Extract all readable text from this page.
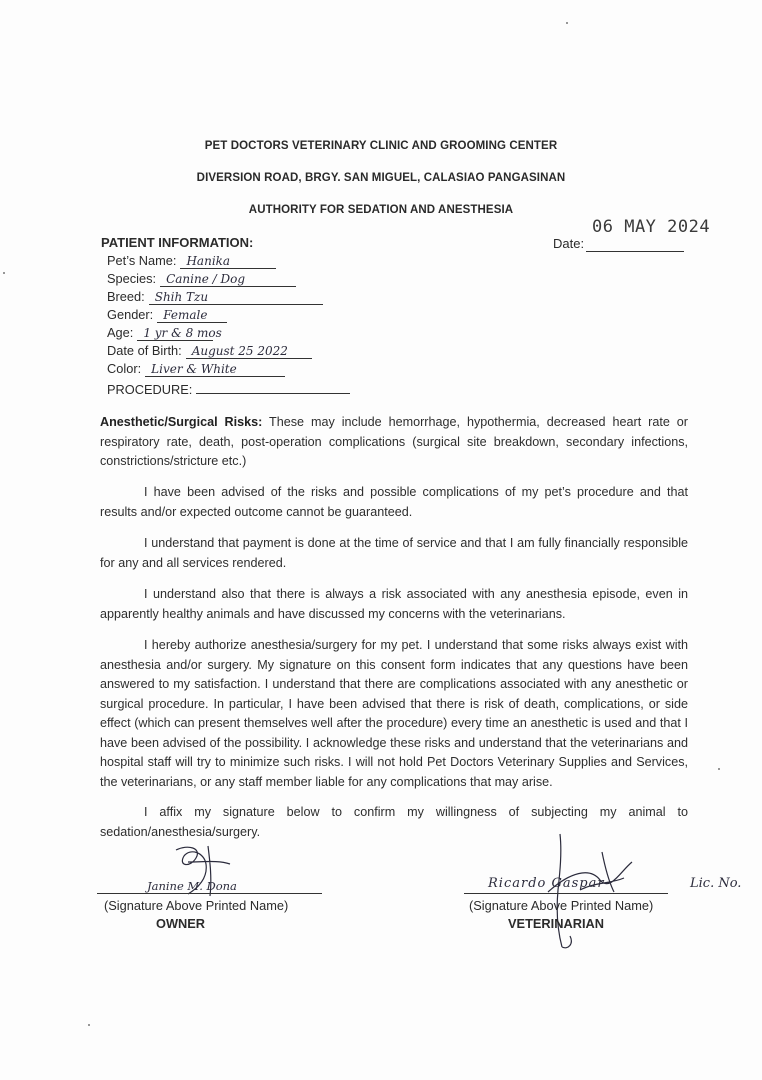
PET DOCTORS VETERINARY CLINIC AND GROOMING CENTER
DIVERSION ROAD, BRGY. SAN MIGUEL, CALASIAO PANGASINAN
AUTHORITY FOR SEDATION AND ANESTHESIA
06 MAY 2024
Date:
PATIENT INFORMATION:
Pet’s Name: Hanika
Species: Canine / Dog
Breed: Shih Tzu
Gender: Female
Age: 1 yr & 8 mos
Date of Birth: August 25 2022
Color: Liver & White
PROCEDURE:
Anesthetic/Surgical Risks: These may include hemorrhage, hypothermia, decreased heart rate or respiratory rate, death, post-operation complications (surgical site breakdown, secondary infections, constrictions/stricture etc.)
I have been advised of the risks and possible complications of my pet’s procedure and that results and/or expected outcome cannot be guaranteed.
I understand that payment is done at the time of service and that I am fully financially responsible for any and all services rendered.
I understand also that there is always a risk associated with any anesthesia episode, even in apparently healthy animals and have discussed my concerns with the veterinarians.
I hereby authorize anesthesia/surgery for my pet. I understand that some risks always exist with anesthesia and/or surgery. My signature on this consent form indicates that any questions have been answered to my satisfaction. I understand that there are complications associated with any anesthetic or surgical procedure. In particular, I have been advised that there is risk of death, complications, or side effect (which can present themselves well after the procedure) every time an anesthetic is used and that I have been advised of the possibility. I acknowledge these risks and understand that the veterinarians and hospital staff will try to minimize such risks. I will not hold Pet Doctors Veterinary Supplies and Services, the veterinarians, or any staff member liable for any complications that may arise.
I affix my signature below to confirm my willingness of subjecting my animal to sedation/anesthesia/surgery.
Janine M. Dona
(Signature Above Printed Name)
OWNER
Ricardo Gaspar	Lic. No.
(Signature Above Printed Name)
VETERINARIAN
